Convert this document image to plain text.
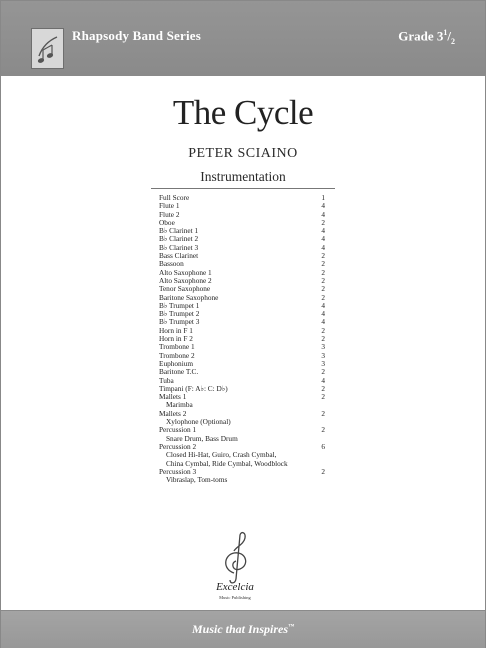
Rhapsody Band Series	Grade $3^1/_2$
The Cycle
PETER SCIAINO
Instrumentation
Full Score	1
Flute 1	4
Flute 2	4
Oboe	2
B♭ Clarinet 1	4
B♭ Clarinet 2	4
B♭ Clarinet 3	4
Bass Clarinet	2
Bassoon	2
Alto Saxophone 1	2
Alto Saxophone 2	2
Tenor Saxophone	2
Baritone Saxophone	2
B♭ Trumpet 1	4
B♭ Trumpet 2	4
B♭ Trumpet 3	4
Horn in F 1	2
Horn in F 2	2
Trombone 1	3
Trombone 2	3
Euphonium	3
Baritone T.C.	2
Tuba	4
Timpani (F: A♭: C: D♭)	2
Mallets 1	2
Marimba
Mallets 2	2
Xylophone (Optional)
Percussion 1	2
Snare Drum, Bass Drum
Percussion 2	6
Closed Hi-Hat, Guiro, Crash Cymbal,
China Cymbal, Ride Cymbal, Woodblock
Percussion 3	2
Vibraslap, Tom-toms
Excelcia
Music Publishing
Music that Inspires™
